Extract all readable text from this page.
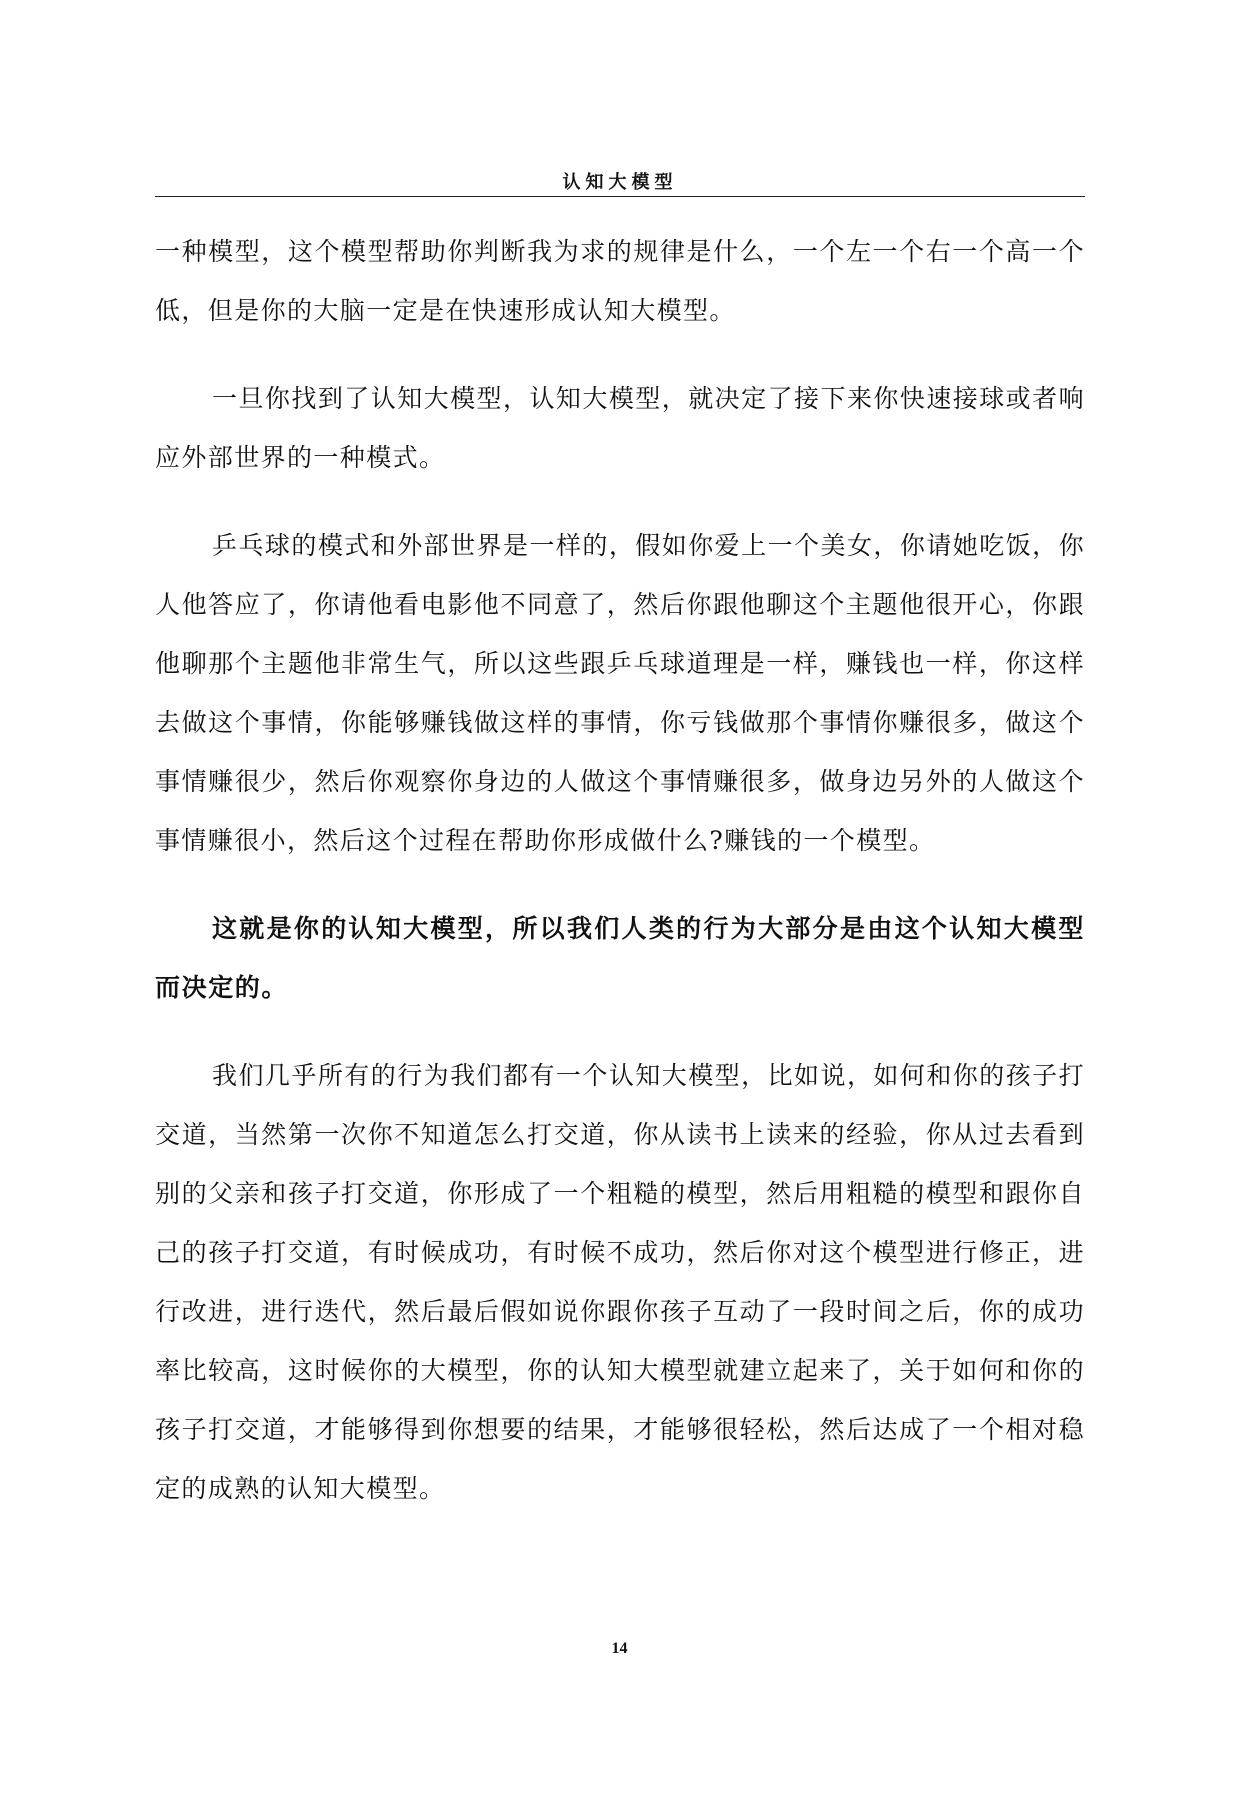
认知大模型

一种模型，这个模型帮助你判断我为求的规律是什么，一个左一个右一个高一个低，但是你的大脑一定是在快速形成认知大模型。

一旦你找到了认知大模型，认知大模型，就决定了接下来你快速接球或者响应外部世界的一种模式。

乒乓球的模式和外部世界是一样的，假如你爱上一个美女，你请她吃饭，你人他答应了，你请他看电影他不同意了，然后你跟他聊这个主题他很开心，你跟他聊那个主题他非常生气，所以这些跟乒乓球道理是一样，赚钱也一样，你这样去做这个事情，你能够赚钱做这样的事情，你亏钱做那个事情你赚很多，做这个事情赚很少，然后你观察你身边的人做这个事情赚很多，做身边另外的人做这个事情赚很小，然后这个过程在帮助你形成做什么?赚钱的一个模型。

这就是你的认知大模型，所以我们人类的行为大部分是由这个认知大模型而决定的。

我们几乎所有的行为我们都有一个认知大模型，比如说，如何和你的孩子打交道，当然第一次你不知道怎么打交道，你从读书上读来的经验，你从过去看到别的父亲和孩子打交道，你形成了一个粗糙的模型，然后用粗糙的模型和跟你自己的孩子打交道，有时候成功，有时候不成功，然后你对这个模型进行修正，进行改进，进行迭代，然后最后假如说你跟你孩子互动了一段时间之后，你的成功率比较高，这时候你的大模型，你的认知大模型就建立起来了，关于如何和你的孩子打交道，才能够得到你想要的结果，才能够很轻松，然后达成了一个相对稳定的成熟的认知大模型。

14
